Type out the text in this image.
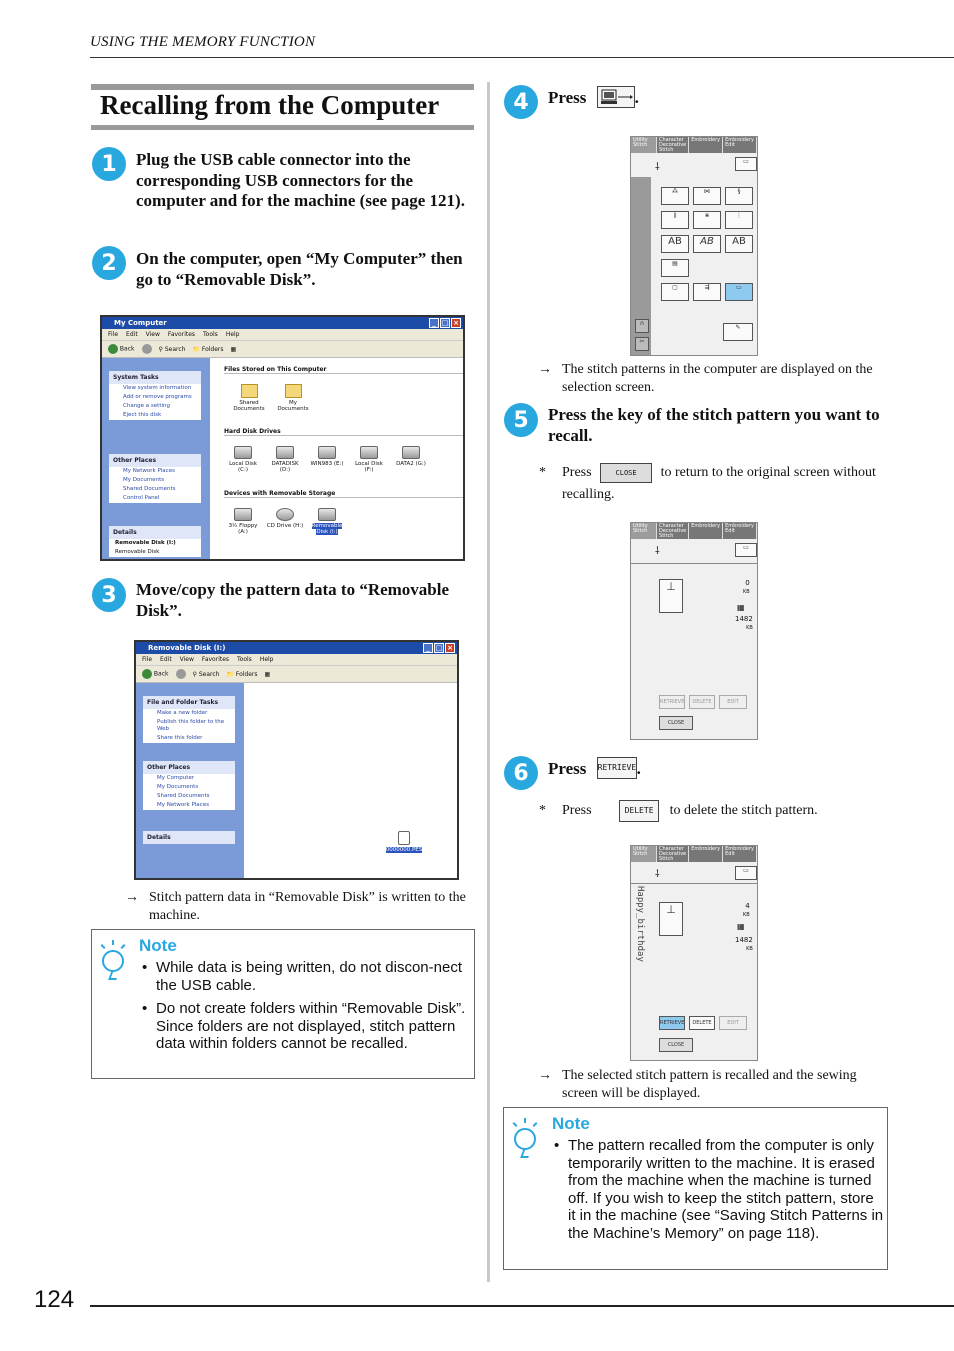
USING THE MEMORY FUNCTION
Recalling from the Computer
1	Plug the USB cable connector into the corresponding USB connectors for the computer and for the machine (see page 121).
2	On the computer, open “My Computer” then go to “Removable Disk”.
My Computer	_ □ ×
File Edit View Favorites Tools Help
Back	⚲ Search 📁 Folders ▦
System Tasks
View system information
Add or remove programs
Change a setting
Eject this disk
Other Places
My Network Places
My Documents
Shared Documents
Control Panel
Details
Removable Disk (I:)
Removable Disk
Files Stored on This Computer
Shared Documents
My Documents
Hard Disk Drives
Local Disk (C:)
DATADISK (D:)
WIN983 (E:)	Local Disk (F:)
DATA2 (G:)
Devices with Removable Storage
3½ Floppy (A:)
CD Drive (H:)	Removable Disk (I:)
3	Move/copy the pattern data to “Removable Disk”.
Removable Disk (I:)	_ □ ×
File Edit View Favorites Tools Help
Back	⚲ Search 📁 Folders ▦
File and Folder Tasks
Make a new folder
Publish this folder to the Web
Share this folder
Other Places
My Computer
My Documents
Shared Documents
My Network Places
Details
0000000.PES
→ Stitch pattern data in “Removable Disk” is written to the machine.
Note
• While data is being written, do not discon-nect the USB cable.
• Do not create folders within “Removable Disk”. Since folders are not displayed, stitch pattern data within folders cannot be recalled.
4	Press	.
Utility Stitch
Character Decorative Stitch
Embroidery	Embroidery Edit
⸸
▭
⁂	⋈	§
⟫	⋇	⋮
AB	AB	AB
▤
▢	⇶	▭
∩
✂
✎
→ The stitch patterns in the computer are displayed on the selection screen.
5	Press the key of the stitch pattern you want to recall.
* Press	CLOSE to return to the original screen without recalling.
Utility Stitch
Character Decorative Stitch
Embroidery	Embroidery Edit
⸸	▭
⊥	0
KB
▦
1482
KB
RETRIEVE	DELETE	EDIT
CLOSE
6	Press RETRIEVE.
* Press	DELETE to delete the stitch pattern.
Utility Stitch
Character Decorative Stitch
Embroidery	Embroidery Edit
⸸	▭
Happy_birthday	⊥	4
KB
▦
1482
KB
RETRIEVE	DELETE	EDIT
CLOSE
→ The selected stitch pattern is recalled and the sewing screen will be displayed.
Note
• The pattern recalled from the computer is only temporarily written to the machine. It is erased from the machine when the machine is turned off. If you wish to keep the stitch pattern, store it in the machine (see “Saving Stitch Patterns in the Machine’s Memory” on page 118).
124
